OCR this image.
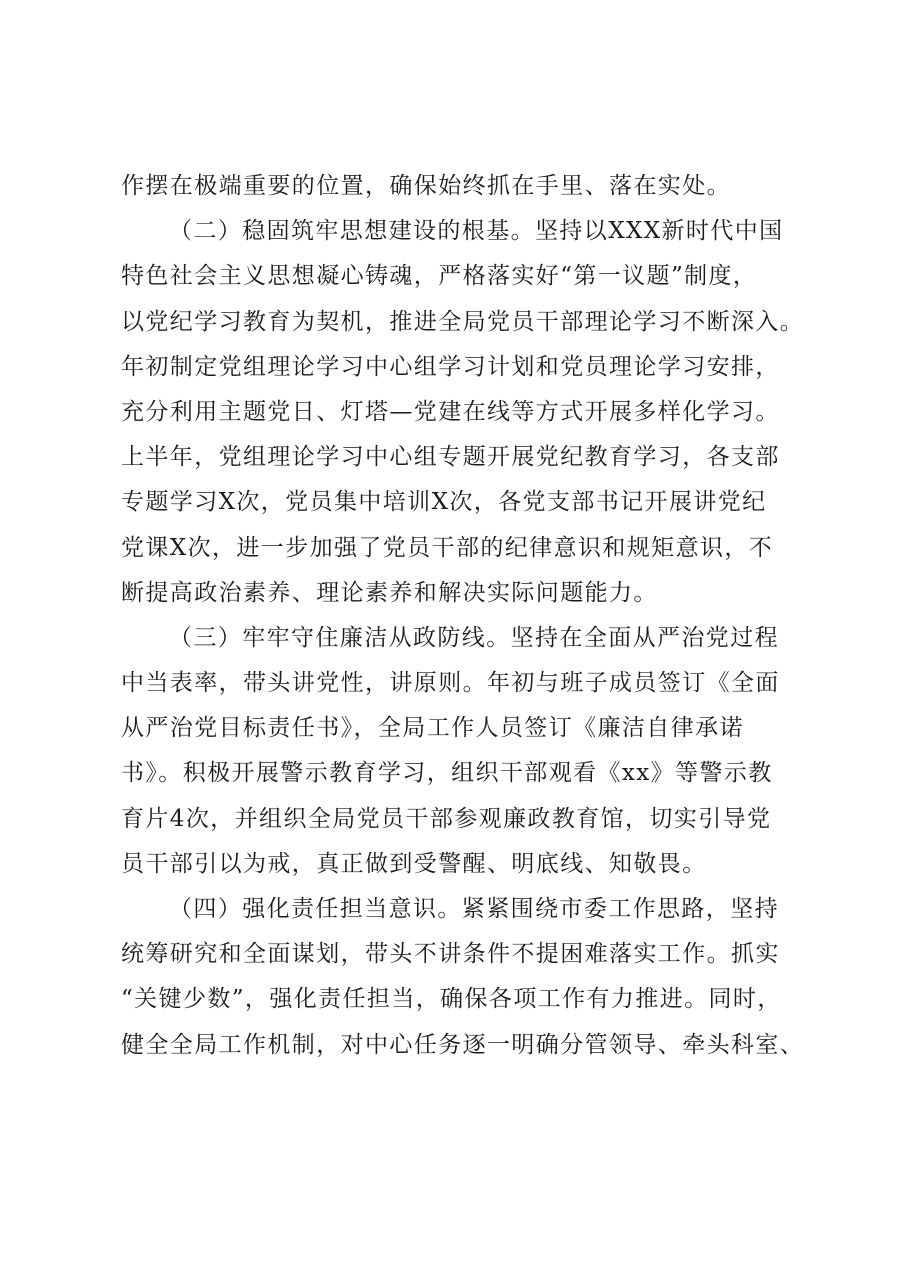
作摆在极端重要的位置，确保始终抓在手里、落在实处。
（二）稳固筑牢思想建设的根基。坚持以XXX新时代中国
特色社会主义思想凝心铸魂，严格落实好“第一议题”制度，
以党纪学习教育为契机，推进全局党员干部理论学习不断深入。
年初制定党组理论学习中心组学习计划和党员理论学习安排，
充分利用主题党日、灯塔—党建在线等方式开展多样化学习。
上半年，党组理论学习中心组专题开展党纪教育学习，各支部
专题学习X次，党员集中培训X次，各党支部书记开展讲党纪
党课X次，进一步加强了党员干部的纪律意识和规矩意识，不
断提高政治素养、理论素养和解决实际问题能力。
（三）牢牢守住廉洁从政防线。坚持在全面从严治党过程
中当表率，带头讲党性，讲原则。年初与班子成员签订《全面
从严治党目标责任书》，全局工作人员签订《廉洁自律承诺
书》。积极开展警示教育学习，组织干部观看《xx》等警示教
育片4次，并组织全局党员干部参观廉政教育馆，切实引导党
员干部引以为戒，真正做到受警醒、明底线、知敬畏。
（四）强化责任担当意识。紧紧围绕市委工作思路，坚持
统筹研究和全面谋划，带头不讲条件不提困难落实工作。抓实
“关键少数”，强化责任担当，确保各项工作有力推进。同时，
健全全局工作机制，对中心任务逐一明确分管领导、牵头科室、
